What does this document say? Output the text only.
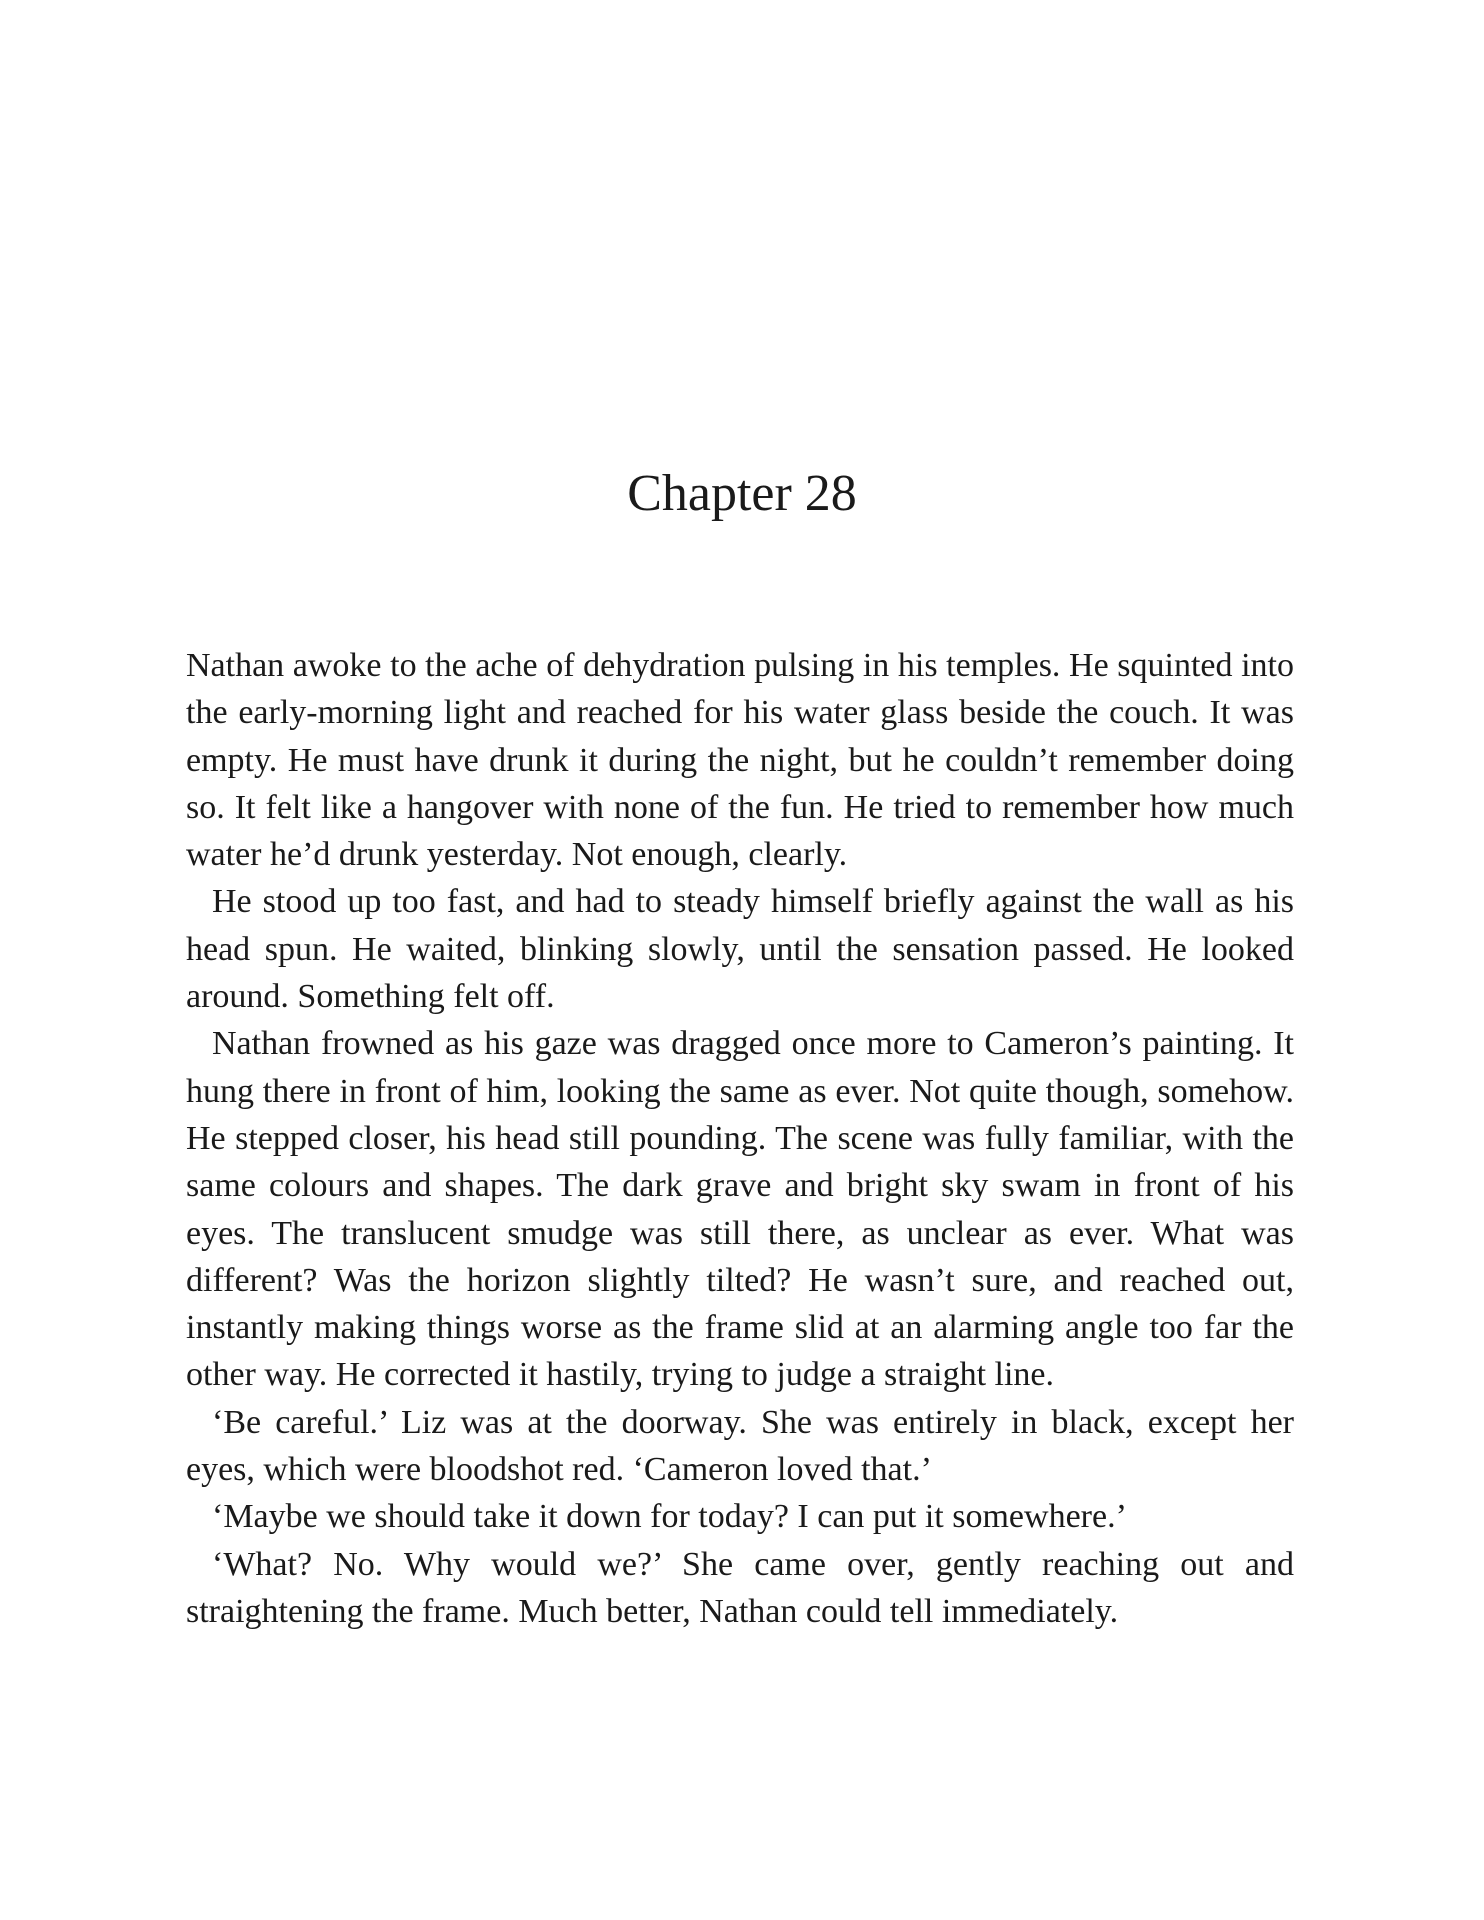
Chapter 28

Nathan awoke to the ache of dehydration pulsing in his temples. He squinted into the early-morning light and reached for his water glass beside the couch. It was empty. He must have drunk it during the night, but he couldn’t remember doing so. It felt like a hangover with none of the fun. He tried to remember how much water he’d drunk yesterday. Not enough, clearly.

He stood up too fast, and had to steady himself briefly against the wall as his head spun. He waited, blinking slowly, until the sensation passed. He looked around. Something felt off.

Nathan frowned as his gaze was dragged once more to Cameron’s painting. It hung there in front of him, looking the same as ever. Not quite though, somehow. He stepped closer, his head still pounding. The scene was fully familiar, with the same colours and shapes. The dark grave and bright sky swam in front of his eyes. The translucent smudge was still there, as unclear as ever. What was different? Was the horizon slightly tilted? He wasn’t sure, and reached out, instantly making things worse as the frame slid at an alarming angle too far the other way. He corrected it hastily, trying to judge a straight line.

‘Be careful.’ Liz was at the doorway. She was entirely in black, except her eyes, which were bloodshot red. ‘Cameron loved that.’

‘Maybe we should take it down for today? I can put it somewhere.’

‘What? No. Why would we?’ She came over, gently reaching out and straightening the frame. Much better, Nathan could tell immediately.
